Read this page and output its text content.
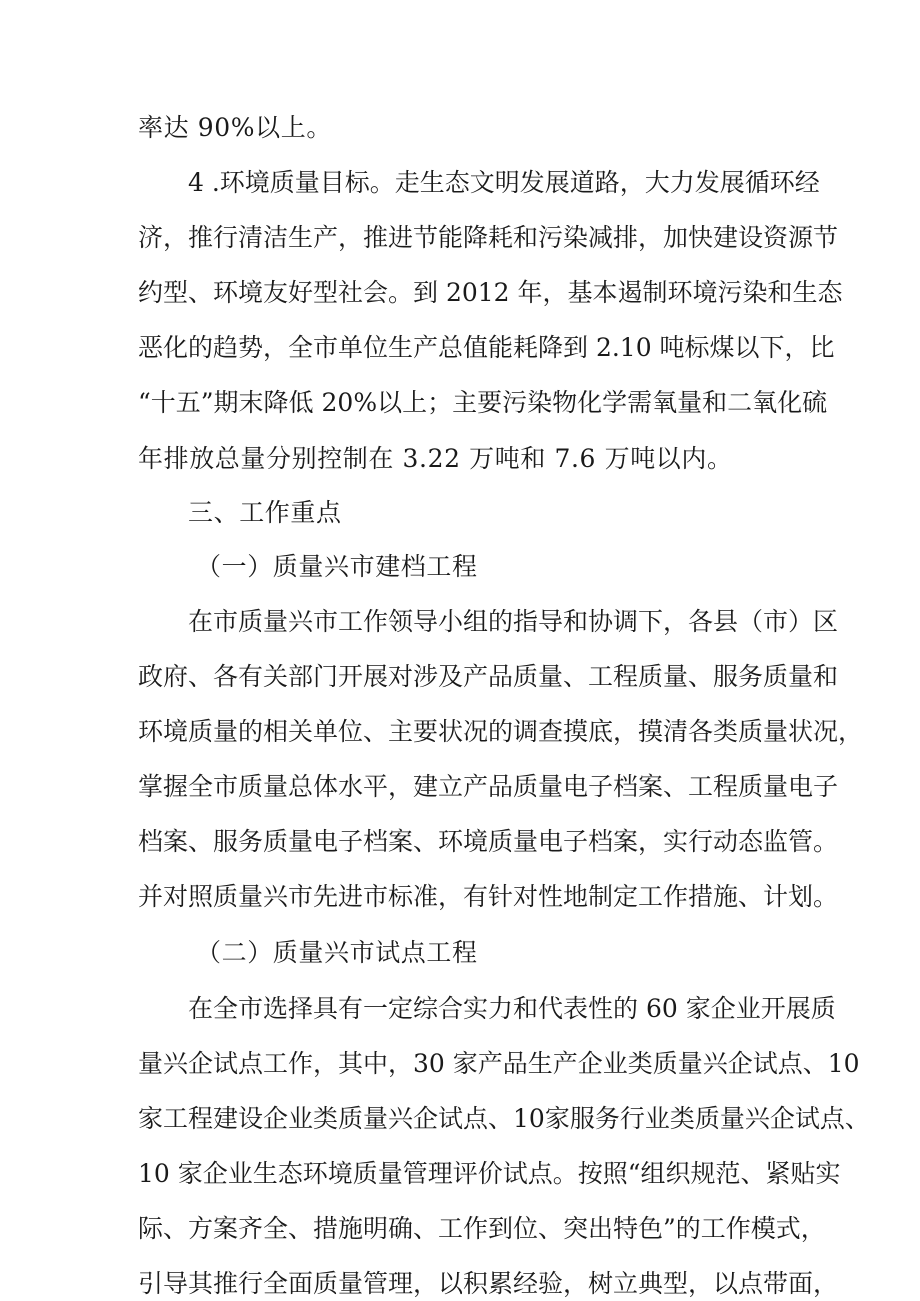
率达 90%以上。
4 .环境质量目标。走生态文明发展道路，大力发展循环经
济，推行清洁生产，推进节能降耗和污染减排，加快建设资源节
约型、环境友好型社会。到 2012 年，基本遏制环境污染和生态
恶化的趋势，全市单位生产总值能耗降到 2.10 吨标煤以下，比
“十五”期末降低 20%以上；主要污染物化学需氧量和二氧化硫
年排放总量分别控制在 3.22 万吨和 7.6 万吨以内。
三、工作重点
（一）质量兴市建档工程
在市质量兴市工作领导小组的指导和协调下，各县（市）区
政府、各有关部门开展对涉及产品质量、工程质量、服务质量和
环境质量的相关单位、主要状况的调查摸底，摸清各类质量状况，
掌握全市质量总体水平，建立产品质量电子档案、工程质量电子
档案、服务质量电子档案、环境质量电子档案，实行动态监管。
并对照质量兴市先进市标准，有针对性地制定工作措施、计划。
（二）质量兴市试点工程
在全市选择具有一定综合实力和代表性的 60 家企业开展质
量兴企试点工作，其中，30 家产品生产企业类质量兴企试点、10
家工程建设企业类质量兴企试点、10家服务行业类质量兴企试点、
10 家企业生态环境质量管理评价试点。按照“组织规范、紧贴实
际、方案齐全、措施明确、工作到位、突出特色”的工作模式，
引导其推行全面质量管理，以积累经验，树立典型，以点带面，
